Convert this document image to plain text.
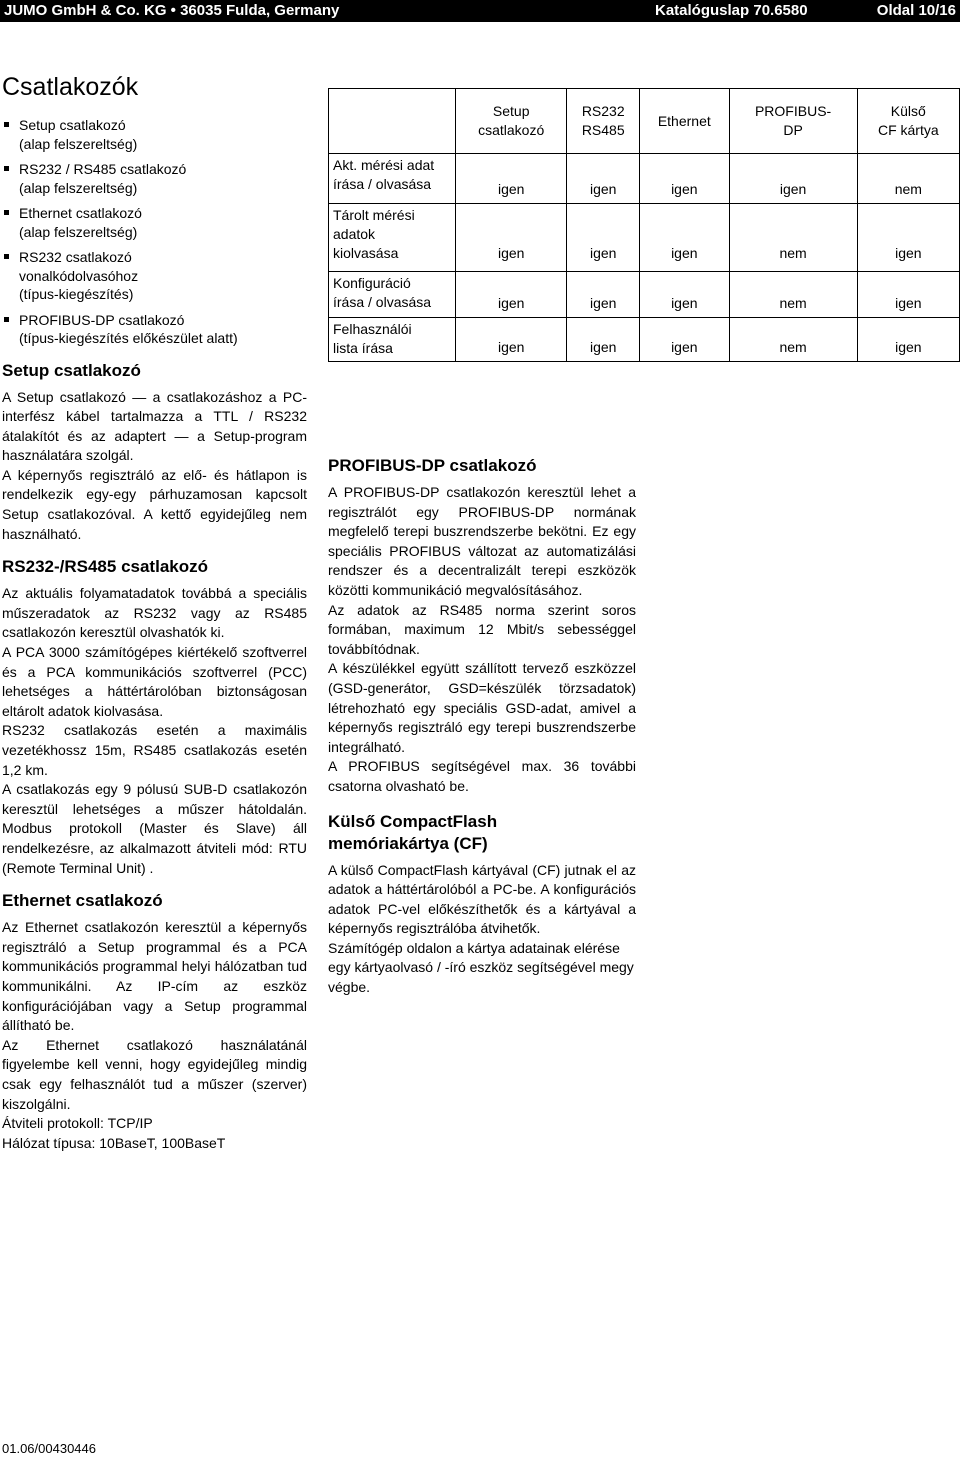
JUMO GmbH & Co. KG • 36035 Fulda, Germany	Katalóguslap 70.6580	Oldal 10/16
Csatlakozók
Setup csatlakozó
(alap felszereltség)
RS232 / RS485 csatlakozó
(alap felszereltség)
Ethernet csatlakozó
(alap felszereltség)
RS232 csatlakozó
vonalkódolvasóhoz
(típus-kiegészítés)
PROFIBUS-DP csatlakozó
(típus-kiegészítés előkészület alatt)
Setup csatlakozó

A Setup csatlakozó — a csatlakozáshoz a PC-interfész kábel tartalmazza a TTL / RS232 átalakítót és az adaptert — a Setup-program használatára szolgál.

A képernyős regisztráló az elő- és hátlapon is rendelkezik egy-egy párhuzamosan kapcsolt Setup csatlakozóval. A kettő egyidejűleg nem használható.

RS232-/RS485 csatlakozó

Az aktuális folyamatadatok továbbá a speciális műszeradatok az RS232 vagy az RS485 csatlakozón keresztül olvashatók ki.

A PCA 3000 számítógépes kiértékelő szoftverrel és a PCA kommunikációs szoftverrel (PCC) lehetséges a háttértárolóban biztonságosan eltárolt adatok kiolvasása.

RS232 csatlakozás esetén a maximális vezetékhossz 15m, RS485 csatlakozás esetén 1,2 km.

A csatlakozás egy 9 pólusú SUB-D csatlakozón keresztül lehetséges a műszer hátoldalán. Modbus protokoll (Master és Slave) áll rendelkezésre, az alkalmazott átviteli mód: RTU (Remote Terminal Unit) .

Ethernet csatlakozó

Az Ethernet csatlakozón keresztül a képernyős regisztráló a Setup programmal és a PCA kommunikációs programmal helyi hálózatban tud kommunikálni. Az IP-cím az eszköz konfigurációjában vagy a Setup programmal állítható be.

Az Ethernet csatlakozó használatánál figyelembe kell venni, hogy egyidejűleg mindig csak egy felhasználót tud a műszer (szerver) kiszolgálni.

Átviteli protokoll: TCP/IP

Hálózat típusa: 10BaseT, 100BaseT

	Setup
csatlakozó	RS232
RS485	Ethernet	PROFIBUS-
DP	Külső
CF kártya
Akt. mérési adat
írása / olvasása	igen	igen	igen	igen	nem
Tárolt mérési
adatok
kiolvasása	igen	igen	igen	nem	igen
Konfiguráció
írása / olvasása	igen	igen	igen	nem	igen
Felhasználói
lista írása	igen	igen	igen	nem	igen
PROFIBUS-DP csatlakozó

A PROFIBUS-DP csatlakozón keresztül lehet a regisztrálót egy PROFIBUS-DP normának megfelelő terepi buszrendszerbe bekötni. Ez egy speciális PROFIBUS változat az automatizálási rendszer és a decentralizált terepi eszközök közötti kommunikáció megvalósításához.

Az adatok az RS485 norma szerint soros formában, maximum 12 Mbit/s sebességgel továbbítódnak.

A készülékkel együtt szállított tervező eszközzel (GSD-generátor, GSD=készülék törzsadatok) létrehozható egy speciális GSD-adat, amivel a képernyős regisztráló egy terepi buszrendszerbe integrálható.

A PROFIBUS segítségével max. 36 további csatorna olvasható be.

Külső CompactFlash
memóriakártya (CF)

A külső CompactFlash kártyával (CF) jutnak el az adatok a háttértárolóból a PC-be. A konfigurációs adatok PC-vel előkészíthetők és a kártyával a képernyős regisztrálóba átvihetők.

Számítógép oldalon a kártya adatainak elérése egy kártyaolvasó / -író eszköz segítségével megy végbe.

01.06/00430446
